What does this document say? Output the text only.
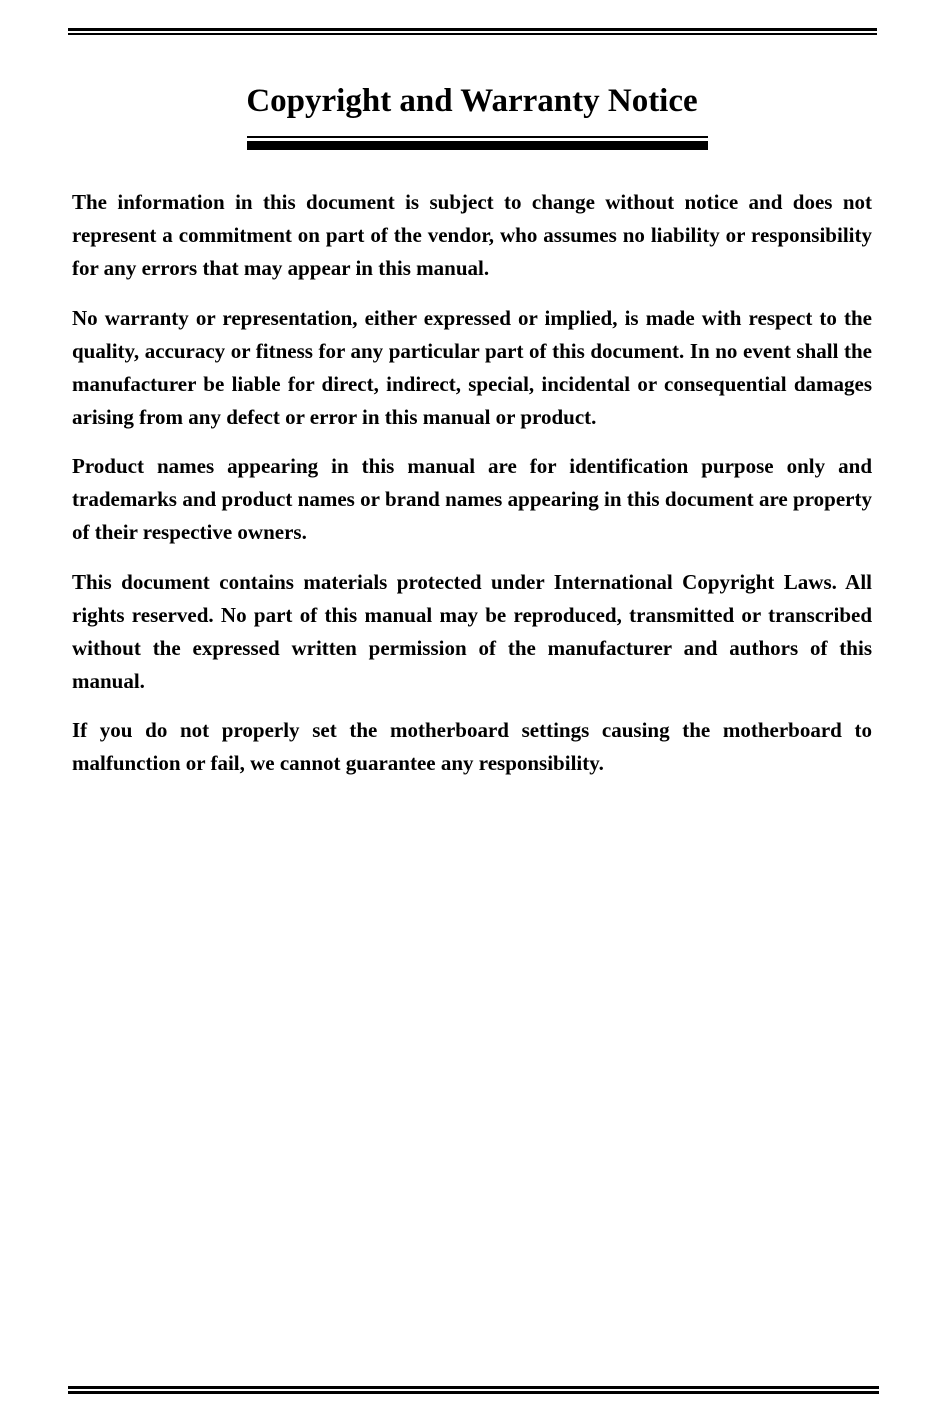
Copyright and Warranty Notice

The information in this document is subject to change without notice and does not represent a commitment on part of the vendor, who assumes no liability or responsibility for any errors that may appear in this manual.

No warranty or representation, either expressed or implied, is made with respect to the quality, accuracy or fitness for any particular part of this document. In no event shall the manufacturer be liable for direct, indirect, special, incidental or consequential damages arising from any defect or error in this manual or product.

Product names appearing in this manual are for identification purpose only and trademarks and product names or brand names appearing in this document are property of their respective owners.

This document contains materials protected under International Copyright Laws. All rights reserved. No part of this manual may be reproduced, transmitted or transcribed without the expressed written permission of the manufacturer and authors of this manual.

If you do not properly set the motherboard settings causing the motherboard to malfunction or fail, we cannot guarantee any responsibility.
